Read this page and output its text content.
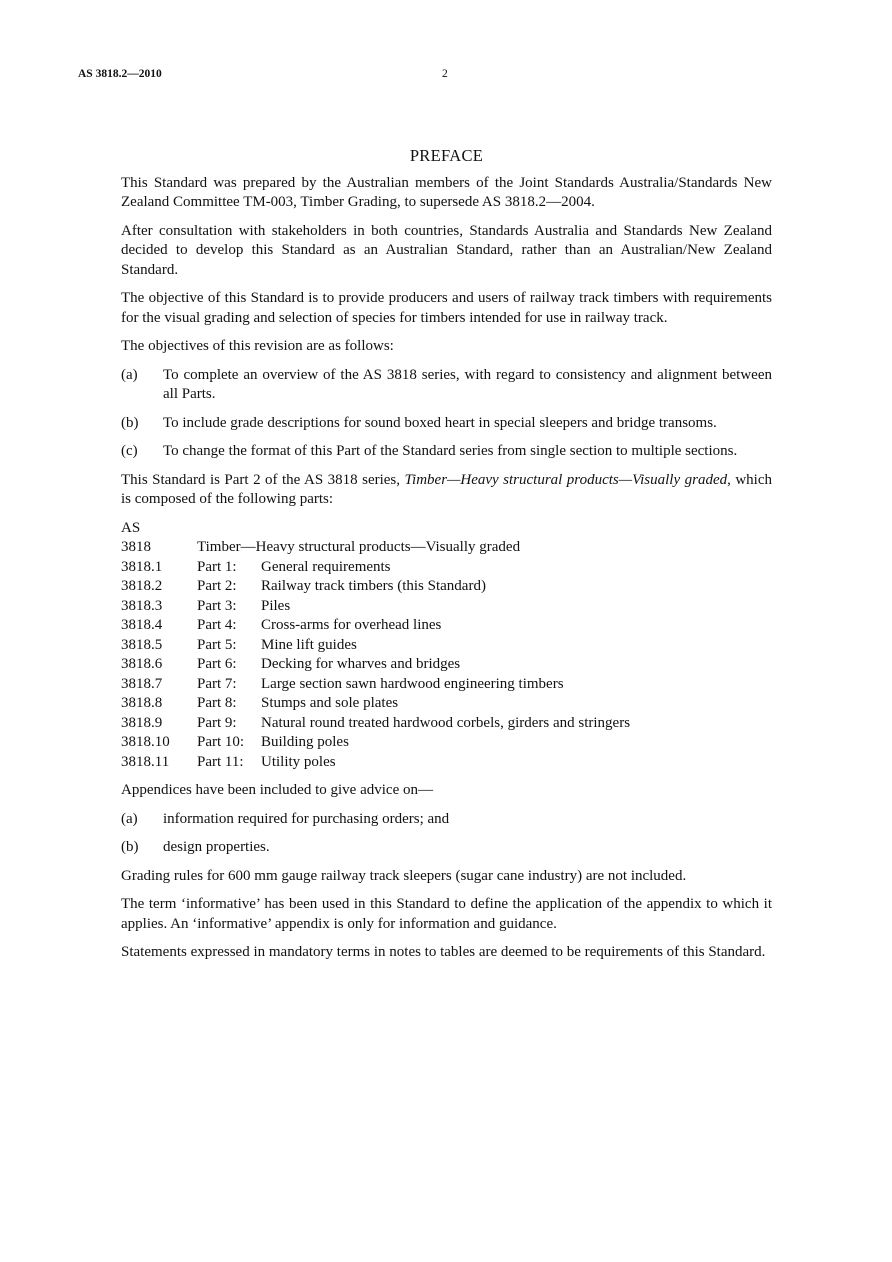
AS 3818.2—2010	2
PREFACE

This Standard was prepared by the Australian members of the Joint Standards Australia/Standards New Zealand Committee TM-003, Timber Grading, to supersede AS 3818.2—2004.

After consultation with stakeholders in both countries, Standards Australia and Standards New Zealand decided to develop this Standard as an Australian Standard, rather than an Australian/New Zealand Standard.

The objective of this Standard is to provide producers and users of railway track timbers with requirements for the visual grading and selection of species for timbers intended for use in railway track.

The objectives of this revision are as follows:

(a)	To complete an overview of the AS 3818 series, with regard to consistency and alignment between all Parts.
(b)	To include grade descriptions for sound boxed heart in special sleepers and bridge transoms.
(c)	To change the format of this Part of the Standard series from single section to multiple sections.

This Standard is Part 2 of the AS 3818 series, Timber—Heavy structural products—Visually graded, which is composed of the following parts:

AS
3818	Timber—Heavy structural products—Visually graded
3818.1	Part 1:	General requirements
3818.2	Part 2:	Railway track timbers (this Standard)
3818.3	Part 3:	Piles
3818.4	Part 4:	Cross-arms for overhead lines
3818.5	Part 5:	Mine lift guides
3818.6	Part 6:	Decking for wharves and bridges
3818.7	Part 7:	Large section sawn hardwood engineering timbers
3818.8	Part 8:	Stumps and sole plates
3818.9	Part 9:	Natural round treated hardwood corbels, girders and stringers
3818.10	Part 10:	Building poles
3818.11	Part 11:	Utility poles

Appendices have been included to give advice on—

(a)	information required for purchasing orders; and
(b)	design properties.

Grading rules for 600 mm gauge railway track sleepers (sugar cane industry) are not included.

The term ‘informative’ has been used in this Standard to define the application of the appendix to which it applies. An ‘informative’ appendix is only for information and guidance.

Statements expressed in mandatory terms in notes to tables are deemed to be requirements of this Standard.
